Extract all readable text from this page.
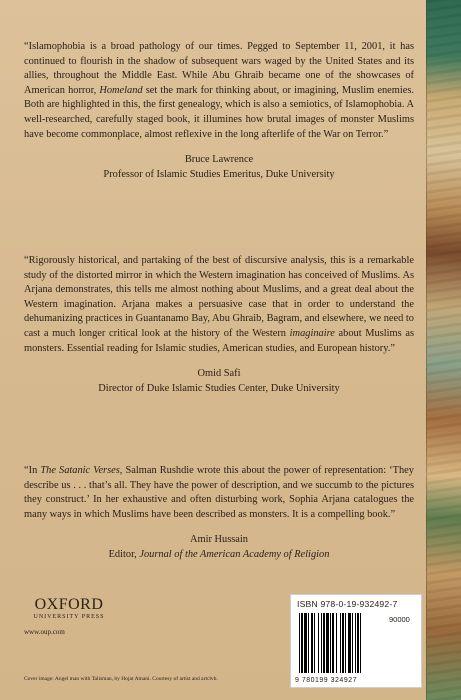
“Islamophobia is a broad pathology of our times. Pegged to September 11, 2001, it has continued to flourish in the shadow of subsequent wars waged by the United States and its allies, throughout the Middle East. While Abu Ghraib became one of the showcases of American horror, Homeland set the mark for thinking about, or imagining, Muslim enemies. Both are highlighted in this, the first genealogy, which is also a semiotics, of Islamophobia. A well-researched, carefully staged book, it illumines how brutal images of monster Muslims have become commonplace, almost reflexive in the long afterlife of the War on Terror.”

Bruce Lawrence
Professor of Islamic Studies Emeritus, Duke University

“Rigorously historical, and partaking of the best of discursive analysis, this is a remarkable study of the distorted mirror in which the Western imagination has conceived of Muslims. As Arjana demonstrates, this tells me almost nothing about Muslims, and a great deal about the Western imagination. Arjana makes a persuasive case that in order to understand the dehumanizing practices in Guantanamo Bay, Abu Ghraib, Bagram, and elsewhere, we need to cast a much longer critical look at the history of the Western imaginaire about Muslims as monsters. Essential reading for Islamic studies, American studies, and European history.”

Omid Safi
Director of Duke Islamic Studies Center, Duke University

“In The Satanic Verses, Salman Rushdie wrote this about the power of representation: ‘They describe us . . . that’s all. They have the power of description, and we succumb to the pictures they construct.’ In her exhaustive and often disturbing work, Sophia Arjana catalogues the many ways in which Muslims have been described as monsters. It is a compelling book.”

Amir Hussain
Editor, Journal of the American Academy of Religion
OXFORD
UNIVERSITY PRESS
www.oup.com
Cover image: Angel man with Talisman, by Hojat Amani. Courtesy of artist and artclvb.
ISBN 978-0-19-932492-7
90000
9 780199 324927
